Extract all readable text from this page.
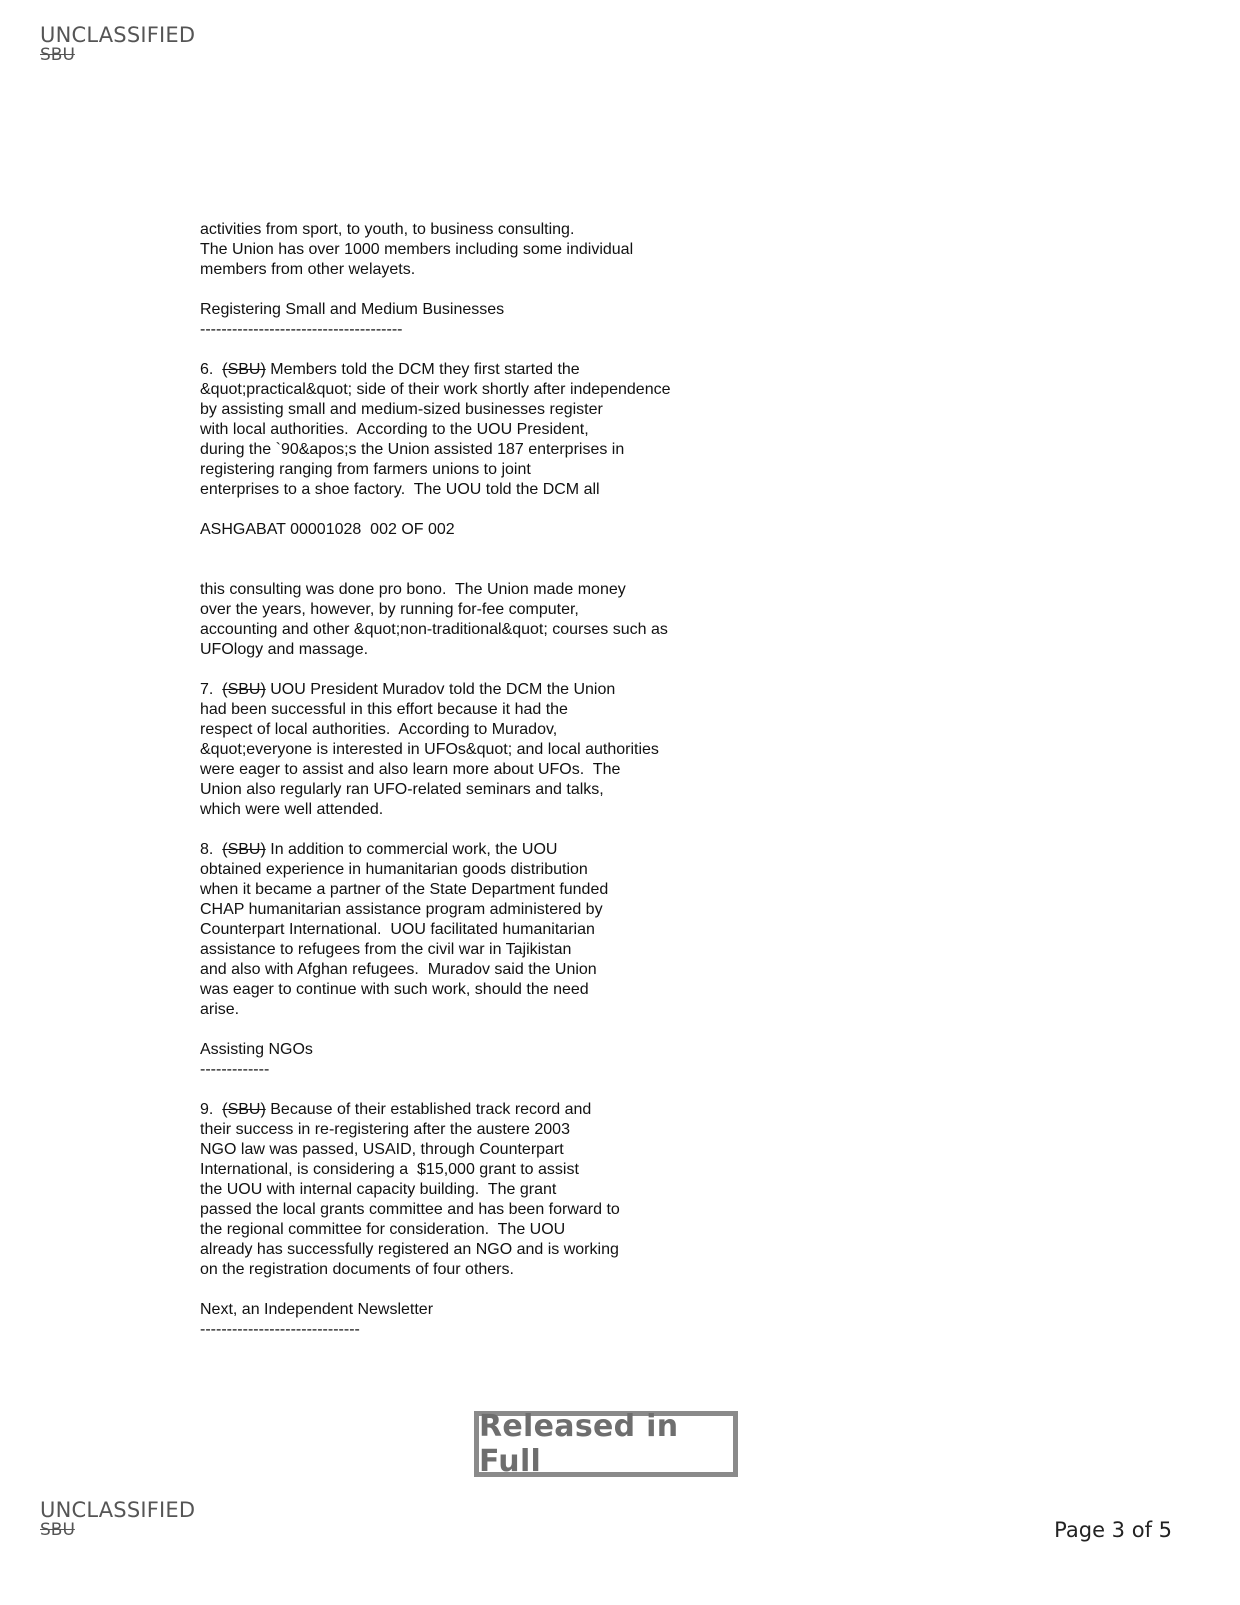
UNCLASSIFIED
SBU
activities from sport, to youth, to business consulting.
The Union has over 1000 members including some individual
members from other welayets.
Registering Small and Medium Businesses
--------------------------------------
6.  (SBU) Members told the DCM they first started the
&quot;practical&quot; side of their work shortly after independence
by assisting small and medium-sized businesses register
with local authorities.  According to the UOU President,
during the `90&apos;s the Union assisted 187 enterprises in
registering ranging from farmers unions to joint
enterprises to a shoe factory.  The UOU told the DCM all
ASHGABAT 00001028  002 OF 002
this consulting was done pro bono.  The Union made money
over the years, however, by running for-fee computer,
accounting and other &quot;non-traditional&quot; courses such as
UFOlogy and massage.
7.  (SBU) UOU President Muradov told the DCM the Union
had been successful in this effort because it had the
respect of local authorities.  According to Muradov,
&quot;everyone is interested in UFOs&quot; and local authorities
were eager to assist and also learn more about UFOs.  The
Union also regularly ran UFO-related seminars and talks,
which were well attended.
8.  (SBU) In addition to commercial work, the UOU
obtained experience in humanitarian goods distribution
when it became a partner of the State Department funded
CHAP humanitarian assistance program administered by
Counterpart International.  UOU facilitated humanitarian
assistance to refugees from the civil war in Tajikistan
and also with Afghan refugees.  Muradov said the Union
was eager to continue with such work, should the need
arise.
Assisting NGOs
-------------
9.  (SBU) Because of their established track record and
their success in re-registering after the austere 2003
NGO law was passed, USAID, through Counterpart
International, is considering a  $15,000 grant to assist
the UOU with internal capacity building.  The grant
passed the local grants committee and has been forward to
the regional committee for consideration.  The UOU
already has successfully registered an NGO and is working
on the registration documents of four others.
Next, an Independent Newsletter
------------------------------
Released in Full
UNCLASSIFIED
SBU	Page 3 of 5
